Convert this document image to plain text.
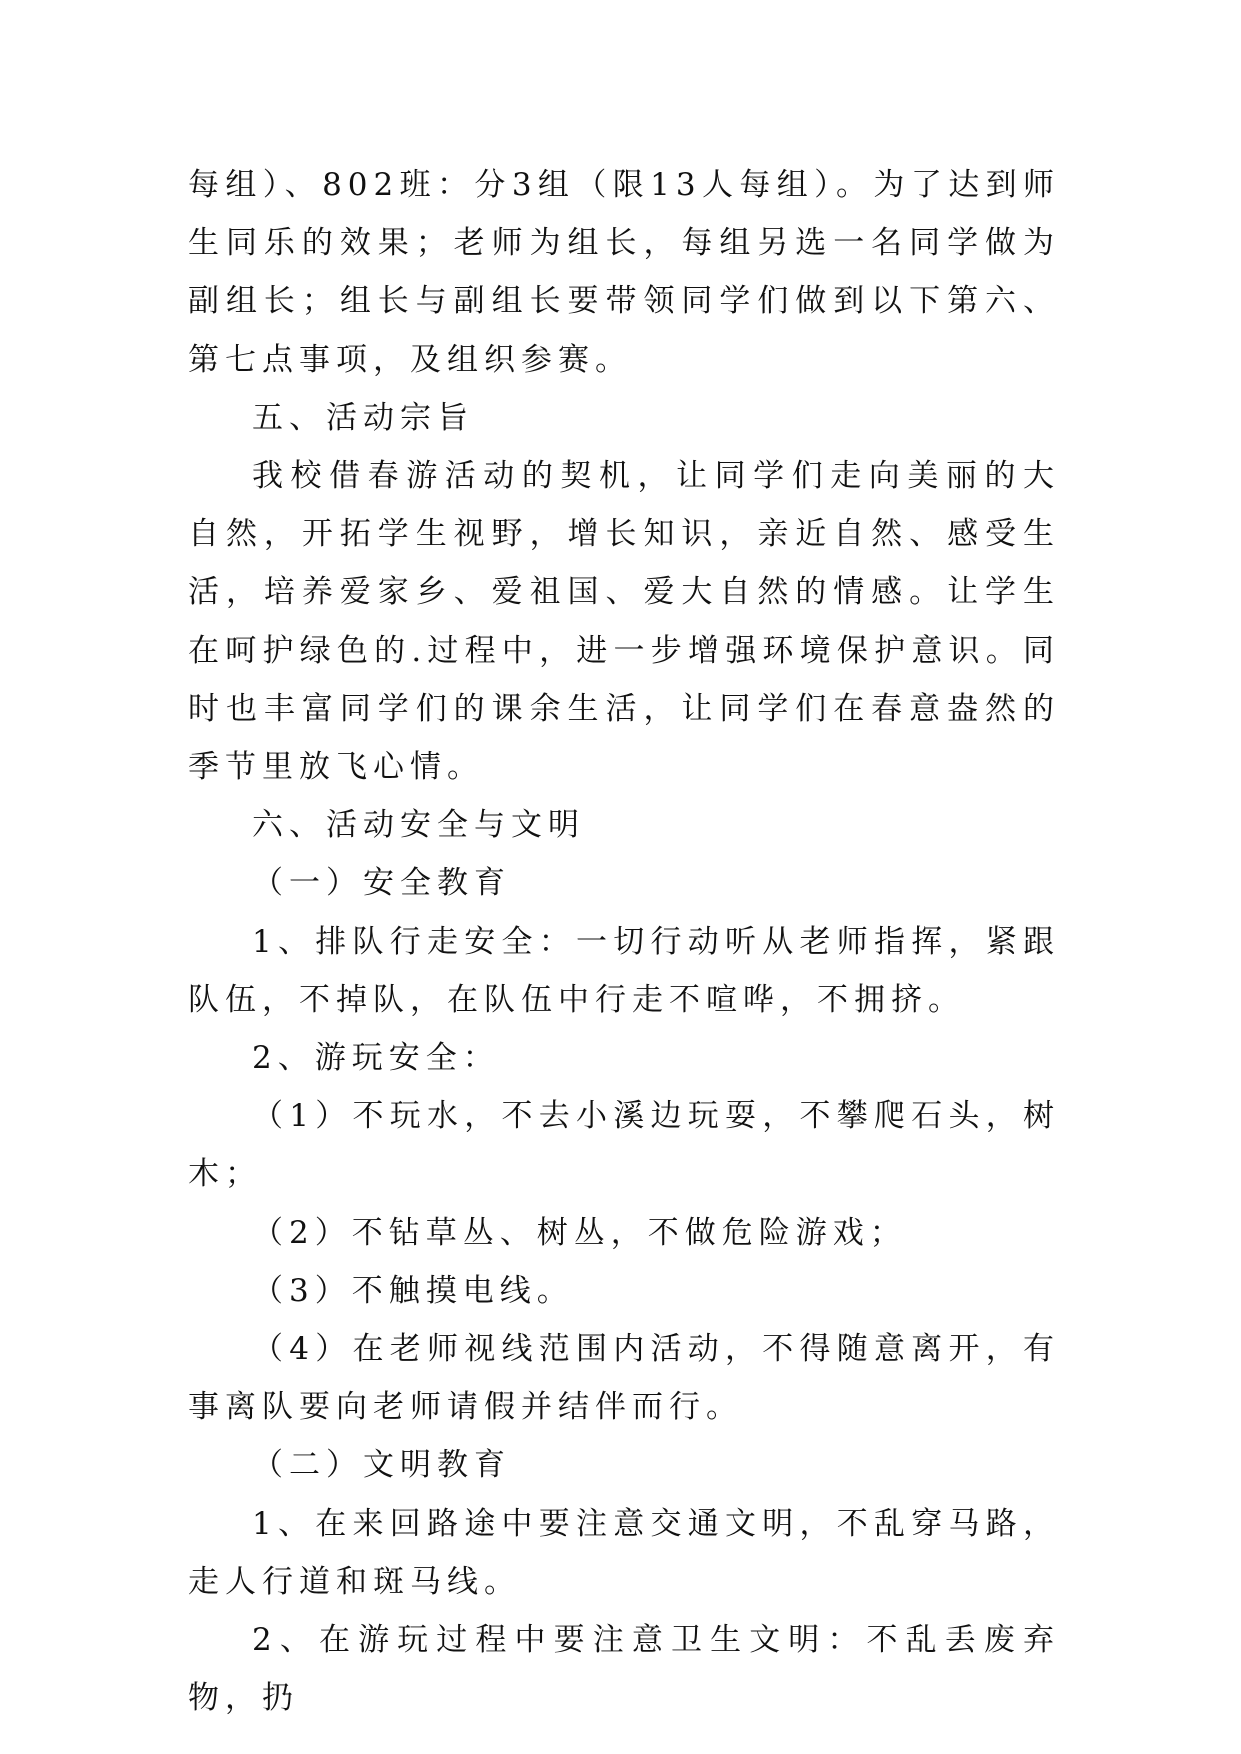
每组）、802班：分3组（限13人每组）。为了达到师生同乐的效果；老师为组长，每组另选一名同学做为副组长；组长与副组长要带领同学们做到以下第六、第七点事项，及组织参赛。

五、活动宗旨

我校借春游活动的契机，让同学们走向美丽的大自然，开拓学生视野，增长知识，亲近自然、感受生活，培养爱家乡、爱祖国、爱大自然的情感。让学生在呵护绿色的.过程中，进一步增强环境保护意识。同时也丰富同学们的课余生活，让同学们在春意盎然的季节里放飞心情。

六、活动安全与文明

（一）安全教育

1、排队行走安全：一切行动听从老师指挥，紧跟队伍，不掉队，在队伍中行走不喧哗，不拥挤。

2、游玩安全：

（1）不玩水，不去小溪边玩耍，不攀爬石头，树木；

（2）不钻草丛、树丛，不做危险游戏；

（3）不触摸电线。

（4）在老师视线范围内活动，不得随意离开，有事离队要向老师请假并结伴而行。

（二）文明教育

1、在来回路途中要注意交通文明，不乱穿马路，走人行道和斑马线。

2、在游玩过程中要注意卫生文明：不乱丢废弃物，扔
